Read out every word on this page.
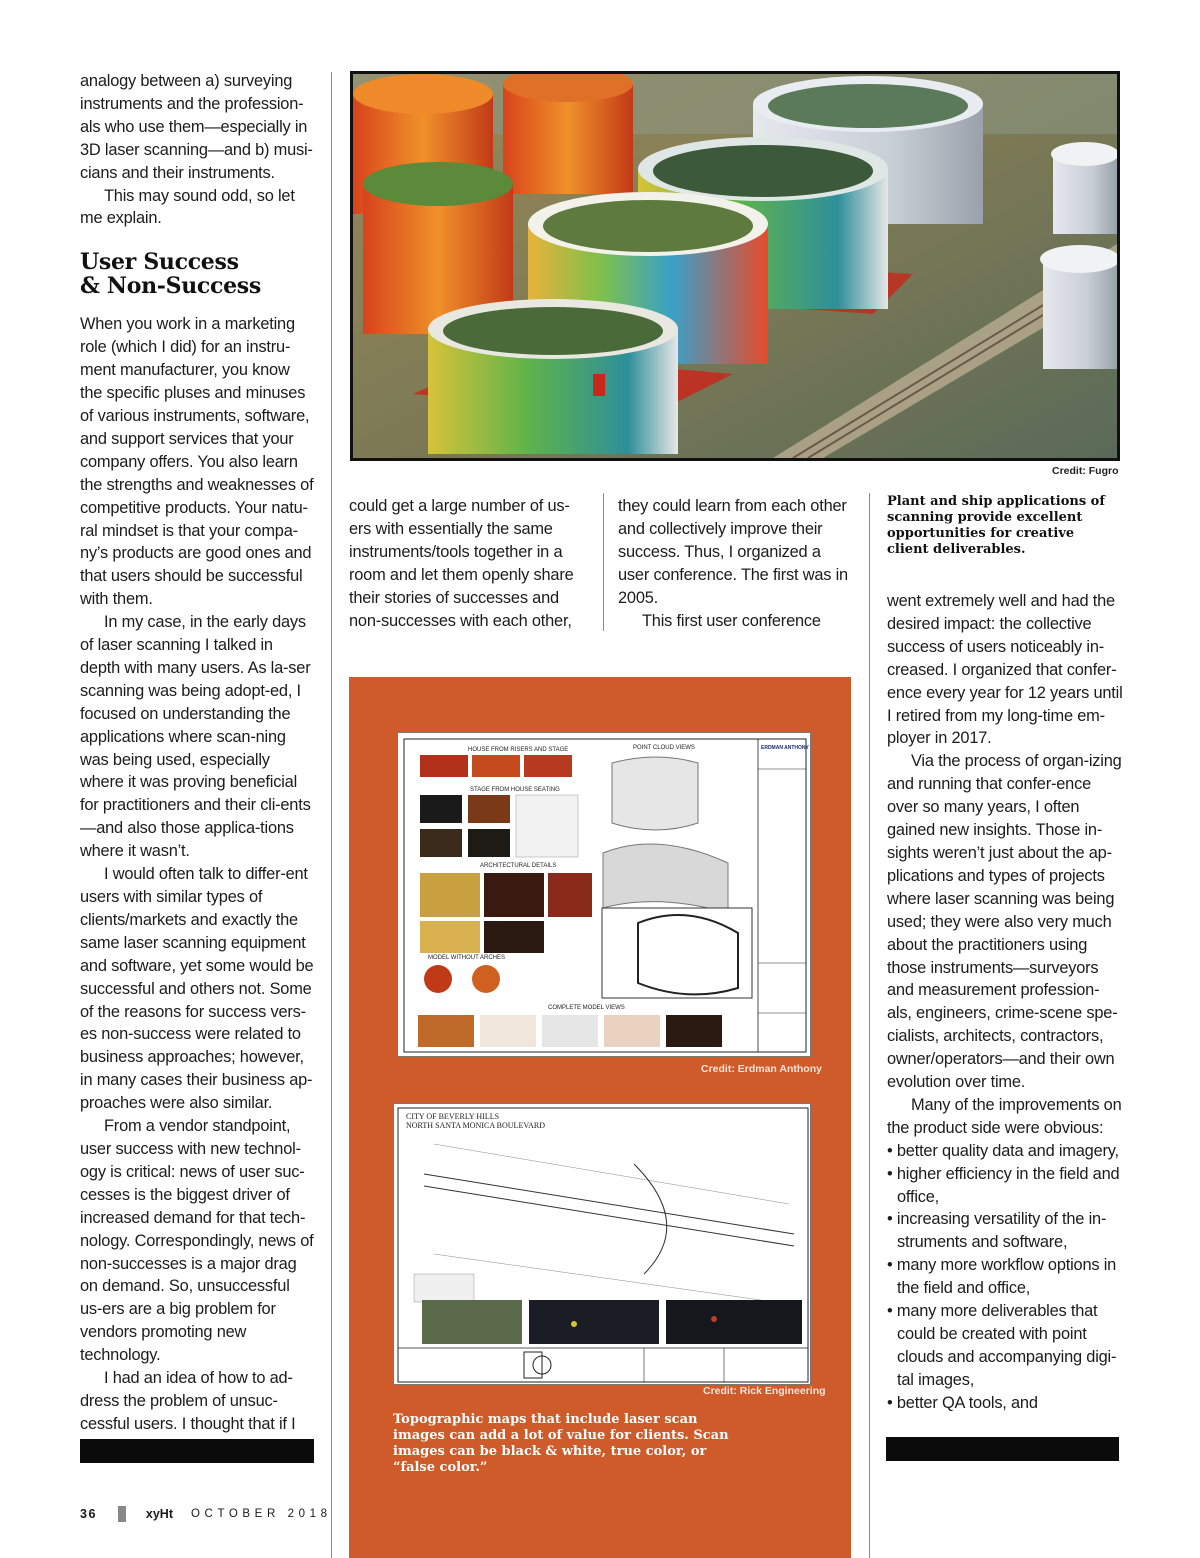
analogy between a) surveying instruments and the profession-als who use them—especially in 3D laser scanning—and b) musi-cians and their instruments.

This may sound odd, so let me explain.

User Success
& Non-Success

When you work in a marketing role (which I did) for an instru-ment manufacturer, you know the specific pluses and minuses of various instruments, software, and support services that your company offers. You also learn the strengths and weaknesses of competitive products. Your natu-ral mindset is that your compa-ny’s products are good ones and that users should be successful with them.

In my case, in the early days of laser scanning I talked in depth with many users. As la-ser scanning was being adopt-ed, I focused on understanding the applications where scan-ning was being used, especially where it was proving beneficial for practitioners and their cli-ents—and also those applica-tions where it wasn’t.

I would often talk to differ-ent users with similar types of clients/markets and exactly the same laser scanning equipment and software, yet some would be successful and others not. Some of the reasons for success vers-es non-success were related to business approaches; however, in many cases their business ap-proaches were also similar.

From a vendor standpoint, user success with new technol-ogy is critical: news of user suc-cesses is the biggest driver of increased demand for that tech-nology. Correspondingly, news of non-successes is a major drag on demand. So, unsuccessful us-ers are a big problem for vendors promoting new technology.

I had an idea of how to ad-dress the problem of unsuc-cessful users. I thought that if I

Credit: Fugro

could get a large number of us-ers with essentially the same instruments/tools together in a room and let them openly share their stories of successes and non-successes with each other,

they could learn from each other and collectively improve their success. Thus, I organized a user conference. The first was in 2005.

This first user conference

Plant and ship applications of scanning provide excellent opportunities for creative client deliverables.

went extremely well and had the desired impact: the collective success of users noticeably in-creased. I organized that confer-ence every year for 12 years until I retired from my long-time em-ployer in 2017.

Via the process of organ-izing and running that confer-ence over so many years, I often gained new insights. Those in-sights weren’t just about the ap-plications and types of projects where laser scanning was being used; they were also very much about the practitioners using those instruments—surveyors and measurement profession-als, engineers, crime-scene spe-cialists, architects, contractors, owner/operators—and their own evolution over time.

Many of the improvements on the product side were obvious:

• better quality data and imagery,
• higher efficiency in the field and office,
• increasing versatility of the in-struments and software,
• many more workflow options in the field and office,
• many more deliverables that could be created with point clouds and accompanying digi-tal images,
• better QA tools, and
HOUSE FROM RISERS AND STAGE
STAGE FROM HOUSE SEATING
POINT CLOUD VIEWS
ARCHITECTURAL DETAILS
MODEL WITHOUT ARCHES
COMPLETE MODEL VIEWS
ERDMAN ANTHONY
Credit: Erdman Anthony
CITY OF BEVERLY HILLS
NORTH SANTA MONICA BOULEVARD
Credit: Rick Engineering
Topographic maps that include laser scan images can add a lot of value for clients. Scan images can be black & white, true color, or “false color.”
36	xyHt OCTOBER 2018
